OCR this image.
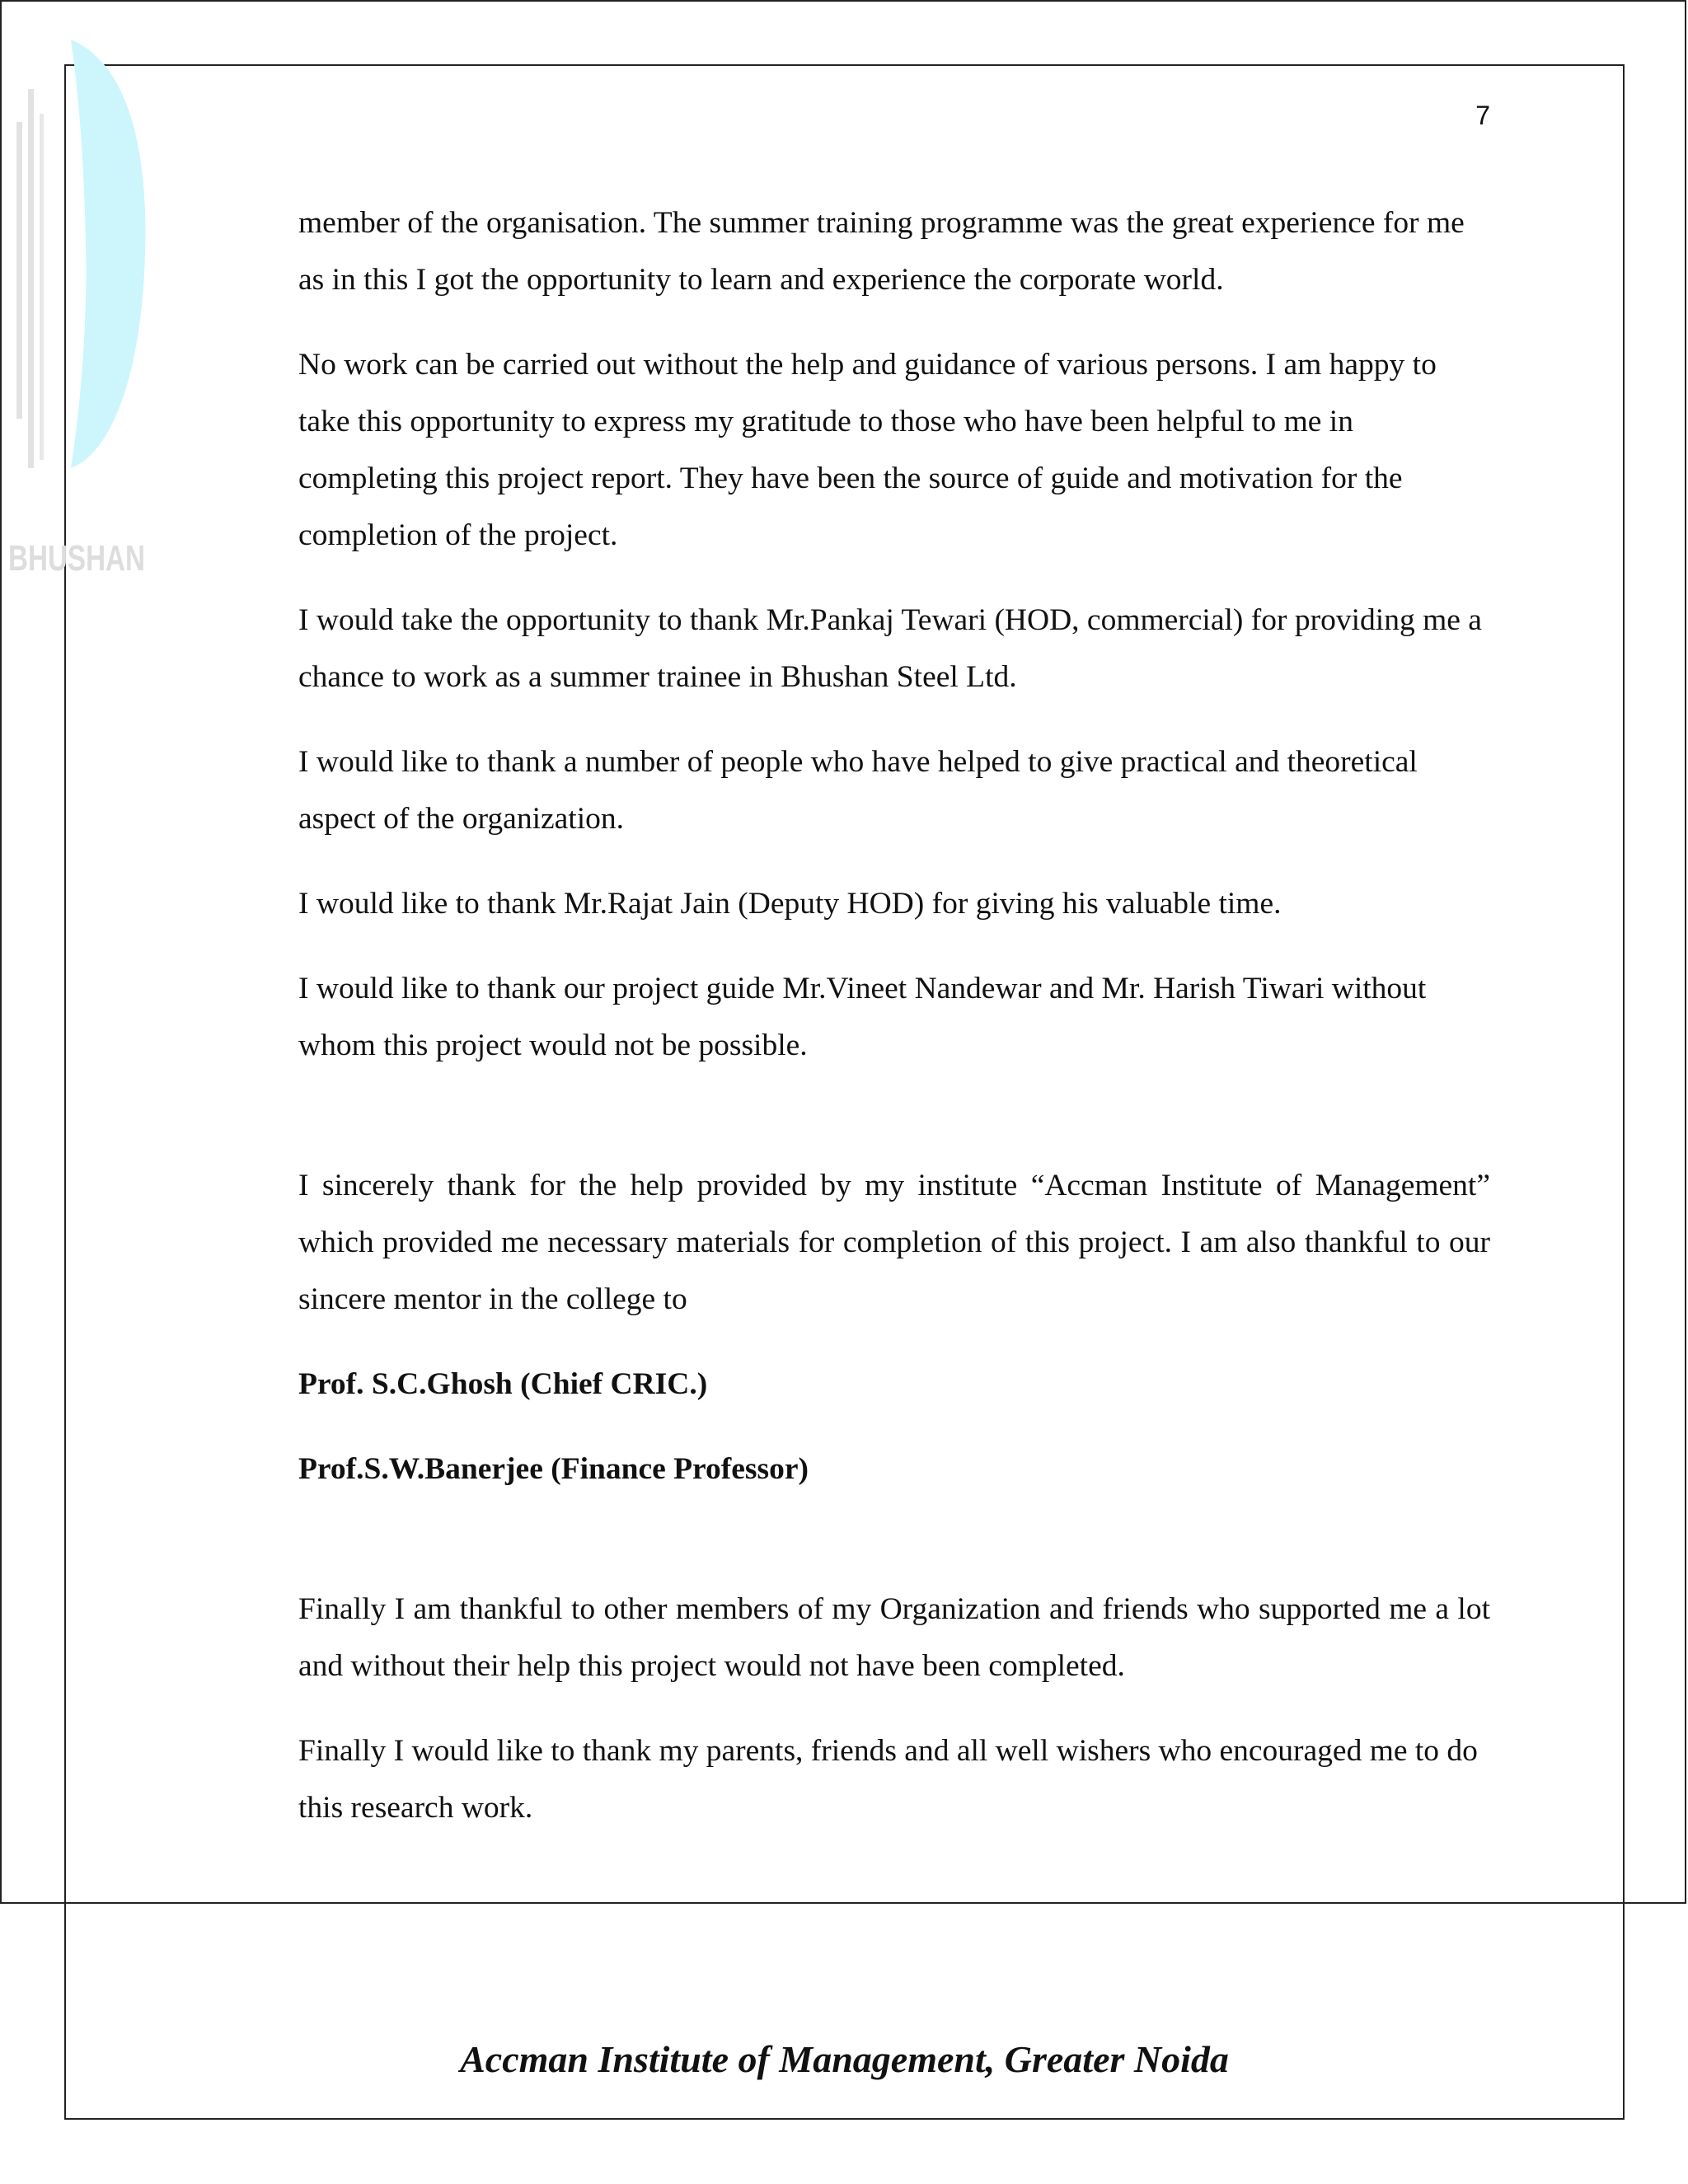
BHUSHAN
7

member of the organisation. The summer training programme was the great experience for me as in this I got the opportunity to learn and experience the corporate world.

No work can be carried out without the help and guidance of various persons. I am happy to take this opportunity to express my gratitude to those who have been helpful to me in completing this project report. They have been the source of guide and motivation for the completion of the project.

I would take the opportunity to thank Mr.Pankaj Tewari (HOD, commercial) for providing me a chance to work as a summer trainee in Bhushan Steel Ltd.

I would like to thank a number of people who have helped to give practical and theoretical aspect of the organization.

I would like to thank Mr.Rajat Jain (Deputy HOD) for giving his valuable time.

I would like to thank our project guide Mr.Vineet Nandewar and Mr. Harish Tiwari without whom this project would not be possible.

I sincerely thank for the help provided by my institute “Accman Institute of Management” which provided me necessary materials for completion of this project. I am also thankful to our sincere mentor in the college to

Prof. S.C.Ghosh (Chief CRIC.)

Prof.S.W.Banerjee (Finance Professor)

Finally I am thankful to other members of my Organization and friends who supported me a lot and without their help this project would not have been completed.

Finally I would like to thank my parents, friends and all well wishers who encouraged me to do this research work.

Accman Institute of Management, Greater Noida
